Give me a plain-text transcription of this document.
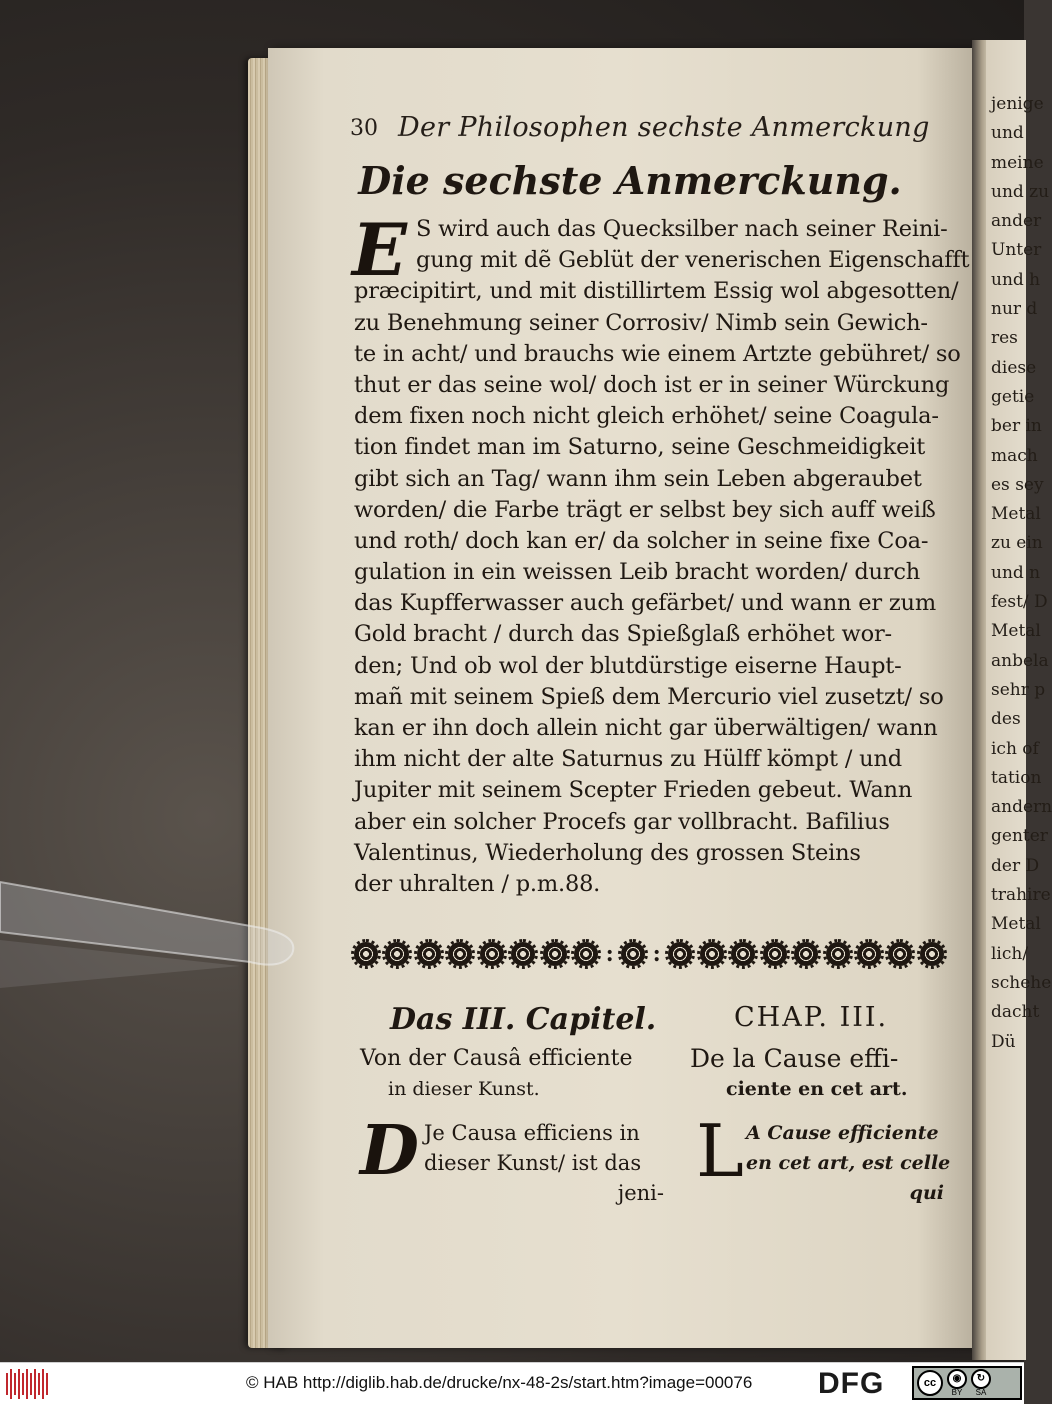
jenige
und
meine
und zu
ander
Unter
und h
nur d
res
diese
getie
ber in
mach
es sey
Metal
zu ein
und n
fest/ D
Metal
anbela
sehr p
des
ich of
tation
andern
genter
der D
trahire
Metal
lich/
schehe
dacht
Dü
30 Der Philosophen sechste Anmerckung
Die sechste Anmerckung.
E S wird auch das Quecksilber nach seiner Reini-
gung mit dẽ Geblüt der venerischen Eigenschafft
præcipitirt, und mit distillirtem Essig wol abgesotten/
zu Benehmung seiner Corrosiv/ Nimb sein Gewich-
te in acht/ und brauchs wie einem Artzte gebühret/ so
thut er das seine wol/ doch ist er in seiner Würckung
dem fixen noch nicht gleich erhöhet/ seine Coagula-
tion findet man im Saturno, seine Geschmeidigkeit
gibt sich an Tag/ wann ihm sein Leben abgeraubet
worden/ die Farbe trägt er selbst bey sich auff weiß
und roth/ doch kan er/ da solcher in seine fixe Coa-
gulation in ein weissen Leib bracht worden/ durch
das Kupfferwasser auch gefärbet/ und wann er zum
Gold bracht / durch das Spießglaß erhöhet wor-
den; Und ob wol der blutdürstige eiserne Haupt-
mañ mit seinem Spieß dem Mercurio viel zusetzt/ so
kan er ihn doch allein nicht gar überwältigen/ wann
ihm nicht der alte Saturnus zu Hülff kömpt / und
Jupiter mit seinem Scepter Frieden gebeut. Wann
aber ein solcher Procefs gar vollbracht. Bafilius
Valentinus, Wiederholung des grossen Steins
der uhralten / p.m.88.
: :
Das III. Capitel.
Von der Causâ efficiente
in dieser Kunst.
D Je Causa efficiens in
dieser Kunst/ ist das
jeni-
CHAP. III.
De la Cause effi-
ciente en cet art.
L A Cause efficiente
en cet art, est celle
qui
© HAB http://diglib.hab.de/drucke/nx-48-2s/start.htm?image=00076 DFG	cc	◉
BY
↻
SA
